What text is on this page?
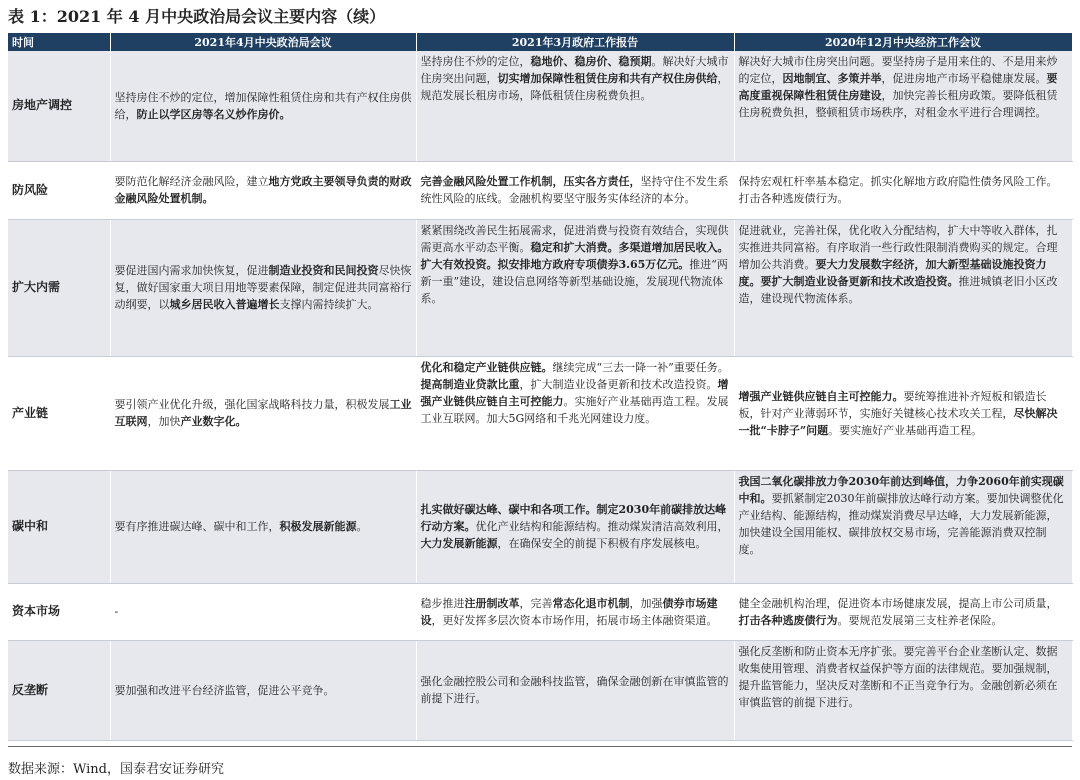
表 1：2021 年 4 月中央政治局会议主要内容（续）
时间	2021年4月中央政治局会议	2021年3月政府工作报告	2020年12月中央经济工作会议
房地产调控	坚持房住不炒的定位，增加保障性租赁住房和共有产权住房供给，防止以学区房等名义炒作房价。	坚持房住不炒的定位，稳地价、稳房价、稳预期。解决好大城市住房突出问题，切实增加保障性租赁住房和共有产权住房供给，规范发展长租房市场，降低租赁住房税费负担。	解决好大城市住房突出问题。要坚持房子是用来住的、不是用来炒的定位，因地制宜、多策并举，促进房地产市场平稳健康发展。要高度重视保障性租赁住房建设，加快完善长租房政策。要降低租赁住房税费负担，整顿租赁市场秩序，对租金水平进行合理调控。
防风险	要防范化解经济金融风险，建立地方党政主要领导负责的财政金融风险处置机制。	完善金融风险处置工作机制，压实各方责任，坚持守住不发生系统性风险的底线。金融机构要坚守服务实体经济的本分。	保持宏观杠杆率基本稳定。抓实化解地方政府隐性债务风险工作。打击各种逃废债行为。
扩大内需	要促进国内需求加快恢复，促进制造业投资和民间投资尽快恢复，做好国家重大项目用地等要素保障，制定促进共同富裕行动纲要，以城乡居民收入普遍增长支撑内需持续扩大。	紧紧围绕改善民生拓展需求，促进消费与投资有效结合，实现供需更高水平动态平衡。稳定和扩大消费。多渠道增加居民收入。扩大有效投资。拟安排地方政府专项债券3.65万亿元。推进“两新一重”建设，建设信息网络等新型基础设施，发展现代物流体系。	促进就业，完善社保，优化收入分配结构，扩大中等收入群体，扎实推进共同富裕。有序取消一些行政性限制消费购买的规定。合理增加公共消费。要大力发展数字经济，加大新型基础设施投资力度。要扩大制造业设备更新和技术改造投资。推进城镇老旧小区改造，建设现代物流体系。
产业链	要引领产业优化升级，强化国家战略科技力量，积极发展工业互联网，加快产业数字化。	优化和稳定产业链供应链。继续完成“三去一降一补”重要任务。提高制造业贷款比重，扩大制造业设备更新和技术改造投资。增强产业链供应链自主可控能力。实施好产业基础再造工程。发展工业互联网。加大5G网络和千兆光网建设力度。	增强产业链供应链自主可控能力。要统筹推进补齐短板和锻造长板，针对产业薄弱环节，实施好关键核心技术攻关工程，尽快解决一批“卡脖子”问题。要实施好产业基础再造工程。
碳中和	要有序推进碳达峰、碳中和工作，积极发展新能源。	扎实做好碳达峰、碳中和各项工作。制定2030年前碳排放达峰行动方案。优化产业结构和能源结构。推动煤炭清洁高效利用，大力发展新能源，在确保安全的前提下积极有序发展核电。	我国二氧化碳排放力争2030年前达到峰值，力争2060年前实现碳中和。要抓紧制定2030年前碳排放达峰行动方案。要加快调整优化产业结构、能源结构，推动煤炭消费尽早达峰，大力发展新能源，加快建设全国用能权、碳排放权交易市场，完善能源消费双控制度。
资本市场	-	稳步推进注册制改革，完善常态化退市机制，加强债券市场建设，更好发挥多层次资本市场作用，拓展市场主体融资渠道。	健全金融机构治理，促进资本市场健康发展，提高上市公司质量，打击各种逃废债行为。要规范发展第三支柱养老保险。
反垄断	要加强和改进平台经济监管，促进公平竞争。	强化金融控股公司和金融科技监管，确保金融创新在审慎监管的前提下进行。	强化反垄断和防止资本无序扩张。要完善平台企业垄断认定、数据收集使用管理、消费者权益保护等方面的法律规范。要加强规制，提升监管能力，坚决反对垄断和不正当竞争行为。金融创新必须在审慎监管的前提下进行。
数据来源：Wind，国泰君安证券研究
